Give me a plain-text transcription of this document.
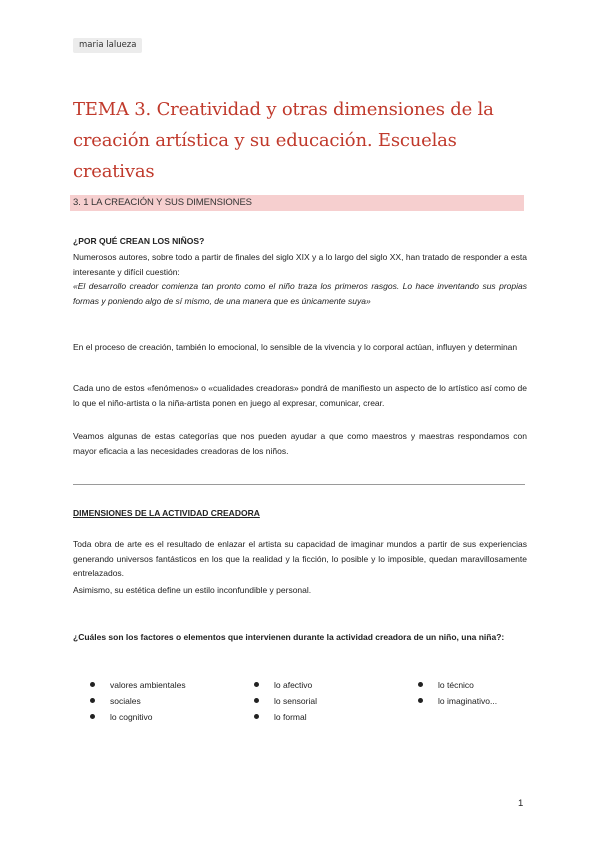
maria lalueza
TEMA 3. Creatividad y otras dimensiones de la creación artística y su educación. Escuelas creativas
3. 1 LA CREACIÓN Y SUS DIMENSIONES

¿POR QUÉ CREAN LOS NIÑOS?

Numerosos autores, sobre todo a partir de finales del siglo XIX y a lo largo del siglo XX, han tratado de responder a esta interesante y difícil cuestión:

«El desarrollo creador comienza tan pronto como el niño traza los primeros rasgos. Lo hace inventando sus propias formas y poniendo algo de sí mismo, de una manera que es únicamente suya»

En el proceso de creación, también lo emocional, lo sensible de la vivencia y lo corporal actúan, influyen y determinan

Cada uno de estos «fenómenos» o «cualidades creadoras» pondrá de manifiesto un aspecto de lo artístico así como de lo que el niño-artista o la niña-artista ponen en juego al expresar, comunicar, crear.

Veamos algunas de estas categorías que nos pueden ayudar a que como maestros y maestras respondamos con mayor eficacia a las necesidades creadoras de los niños.

DIMENSIONES DE LA ACTIVIDAD CREADORA

Toda obra de arte es el resultado de enlazar el artista su capacidad de imaginar mundos a partir de sus experiencias generando universos fantásticos en los que la realidad y la ficción, lo posible y lo imposible, quedan maravillosamente entrelazados.

Asimismo, su estética define un estilo inconfundible y personal.

¿Cuáles son los factores o elementos que intervienen durante la actividad creadora de un niño, una niña?:

valores ambientales
sociales
lo cognitivo
lo afectivo
lo sensorial
lo formal
lo técnico
lo imaginativo...
1
